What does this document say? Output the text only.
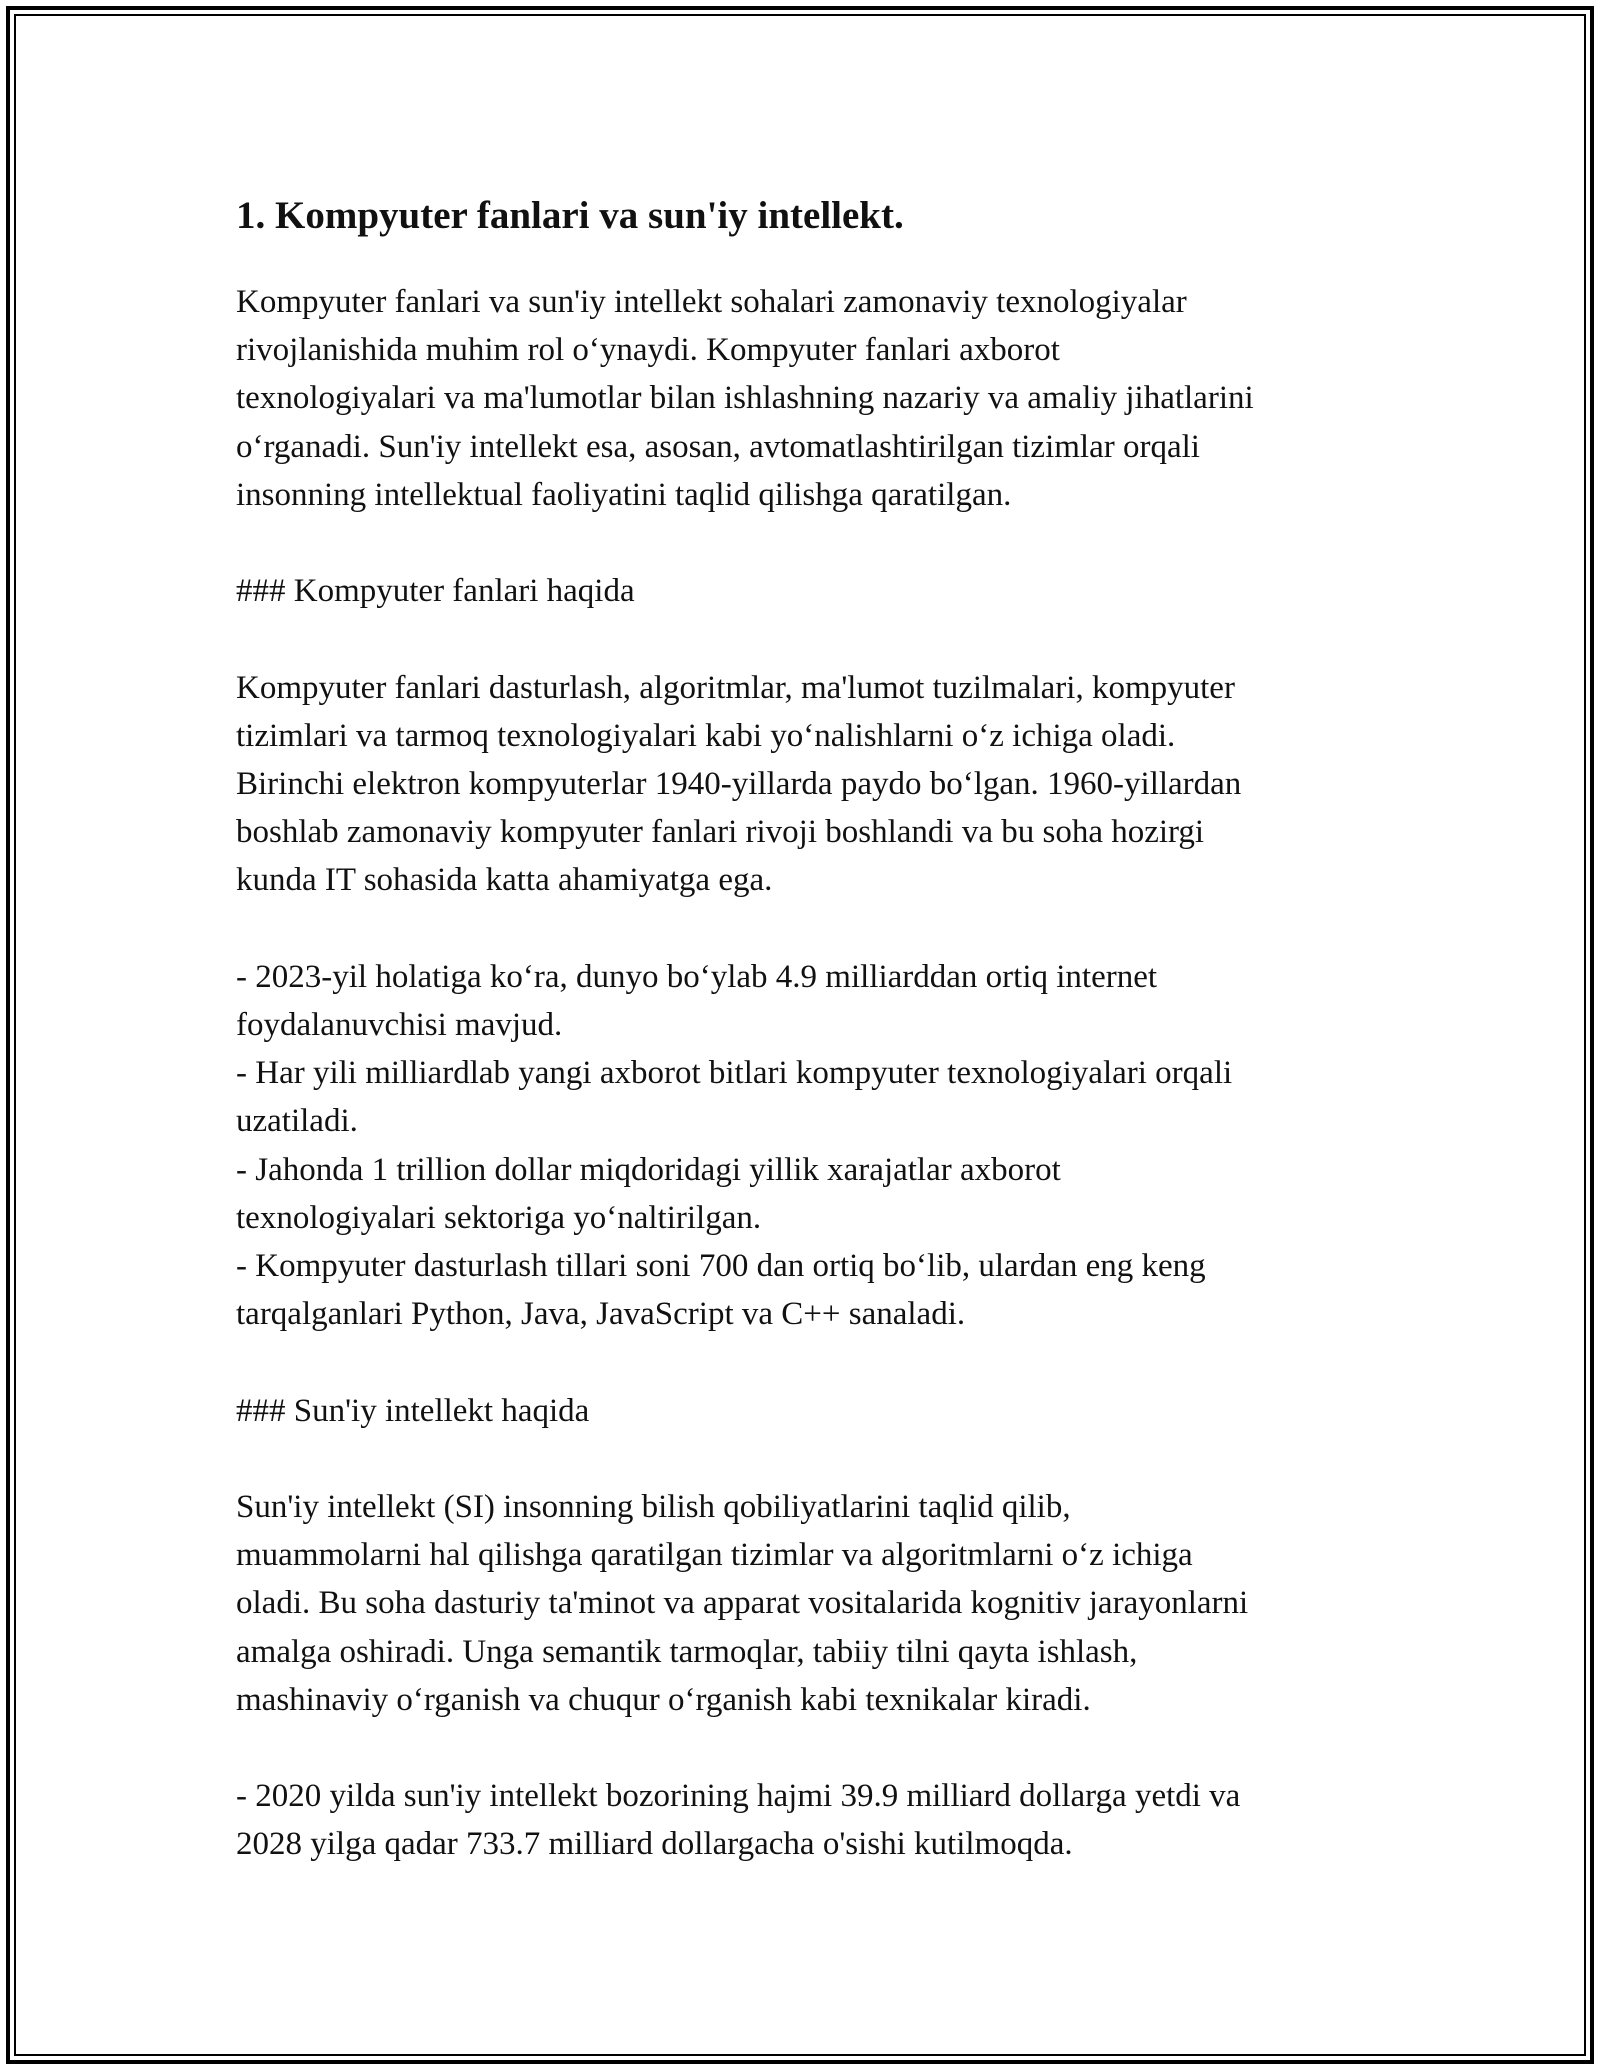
1. Kompyuter fanlari va sun'iy intellekt.

Kompyuter fanlari va sun'iy intellekt sohalari zamonaviy texnologiyalar
rivojlanishida muhim rol o‘ynaydi. Kompyuter fanlari axborot
texnologiyalari va ma'lumotlar bilan ishlashning nazariy va amaliy jihatlarini
o‘rganadi. Sun'iy intellekt esa, asosan, avtomatlashtirilgan tizimlar orqali
insonning intellektual faoliyatini taqlid qilishga qaratilgan.

### Kompyuter fanlari haqida

Kompyuter fanlari dasturlash, algoritmlar, ma'lumot tuzilmalari, kompyuter
tizimlari va tarmoq texnologiyalari kabi yo‘nalishlarni o‘z ichiga oladi.
Birinchi elektron kompyuterlar 1940-yillarda paydo bo‘lgan. 1960-yillardan
boshlab zamonaviy kompyuter fanlari rivoji boshlandi va bu soha hozirgi
kunda IT sohasida katta ahamiyatga ega.

- 2023-yil holatiga ko‘ra, dunyo bo‘ylab 4.9 milliarddan ortiq internet
foydalanuvchisi mavjud.
- Har yili milliardlab yangi axborot bitlari kompyuter texnologiyalari orqali
uzatiladi.
- Jahonda 1 trillion dollar miqdoridagi yillik xarajatlar axborot
texnologiyalari sektoriga yo‘naltirilgan.
- Kompyuter dasturlash tillari soni 700 dan ortiq bo‘lib, ulardan eng keng
tarqalganlari Python, Java, JavaScript va C++ sanaladi.

### Sun'iy intellekt haqida

Sun'iy intellekt (SI) insonning bilish qobiliyatlarini taqlid qilib,
muammolarni hal qilishga qaratilgan tizimlar va algoritmlarni o‘z ichiga
oladi. Bu soha dasturiy ta'minot va apparat vositalarida kognitiv jarayonlarni
amalga oshiradi. Unga semantik tarmoqlar, tabiiy tilni qayta ishlash,
mashinaviy o‘rganish va chuqur o‘rganish kabi texnikalar kiradi.

- 2020 yilda sun'iy intellekt bozorining hajmi 39.9 milliard dollarga yetdi va
2028 yilga qadar 733.7 milliard dollargacha o'sishi kutilmoqda.
